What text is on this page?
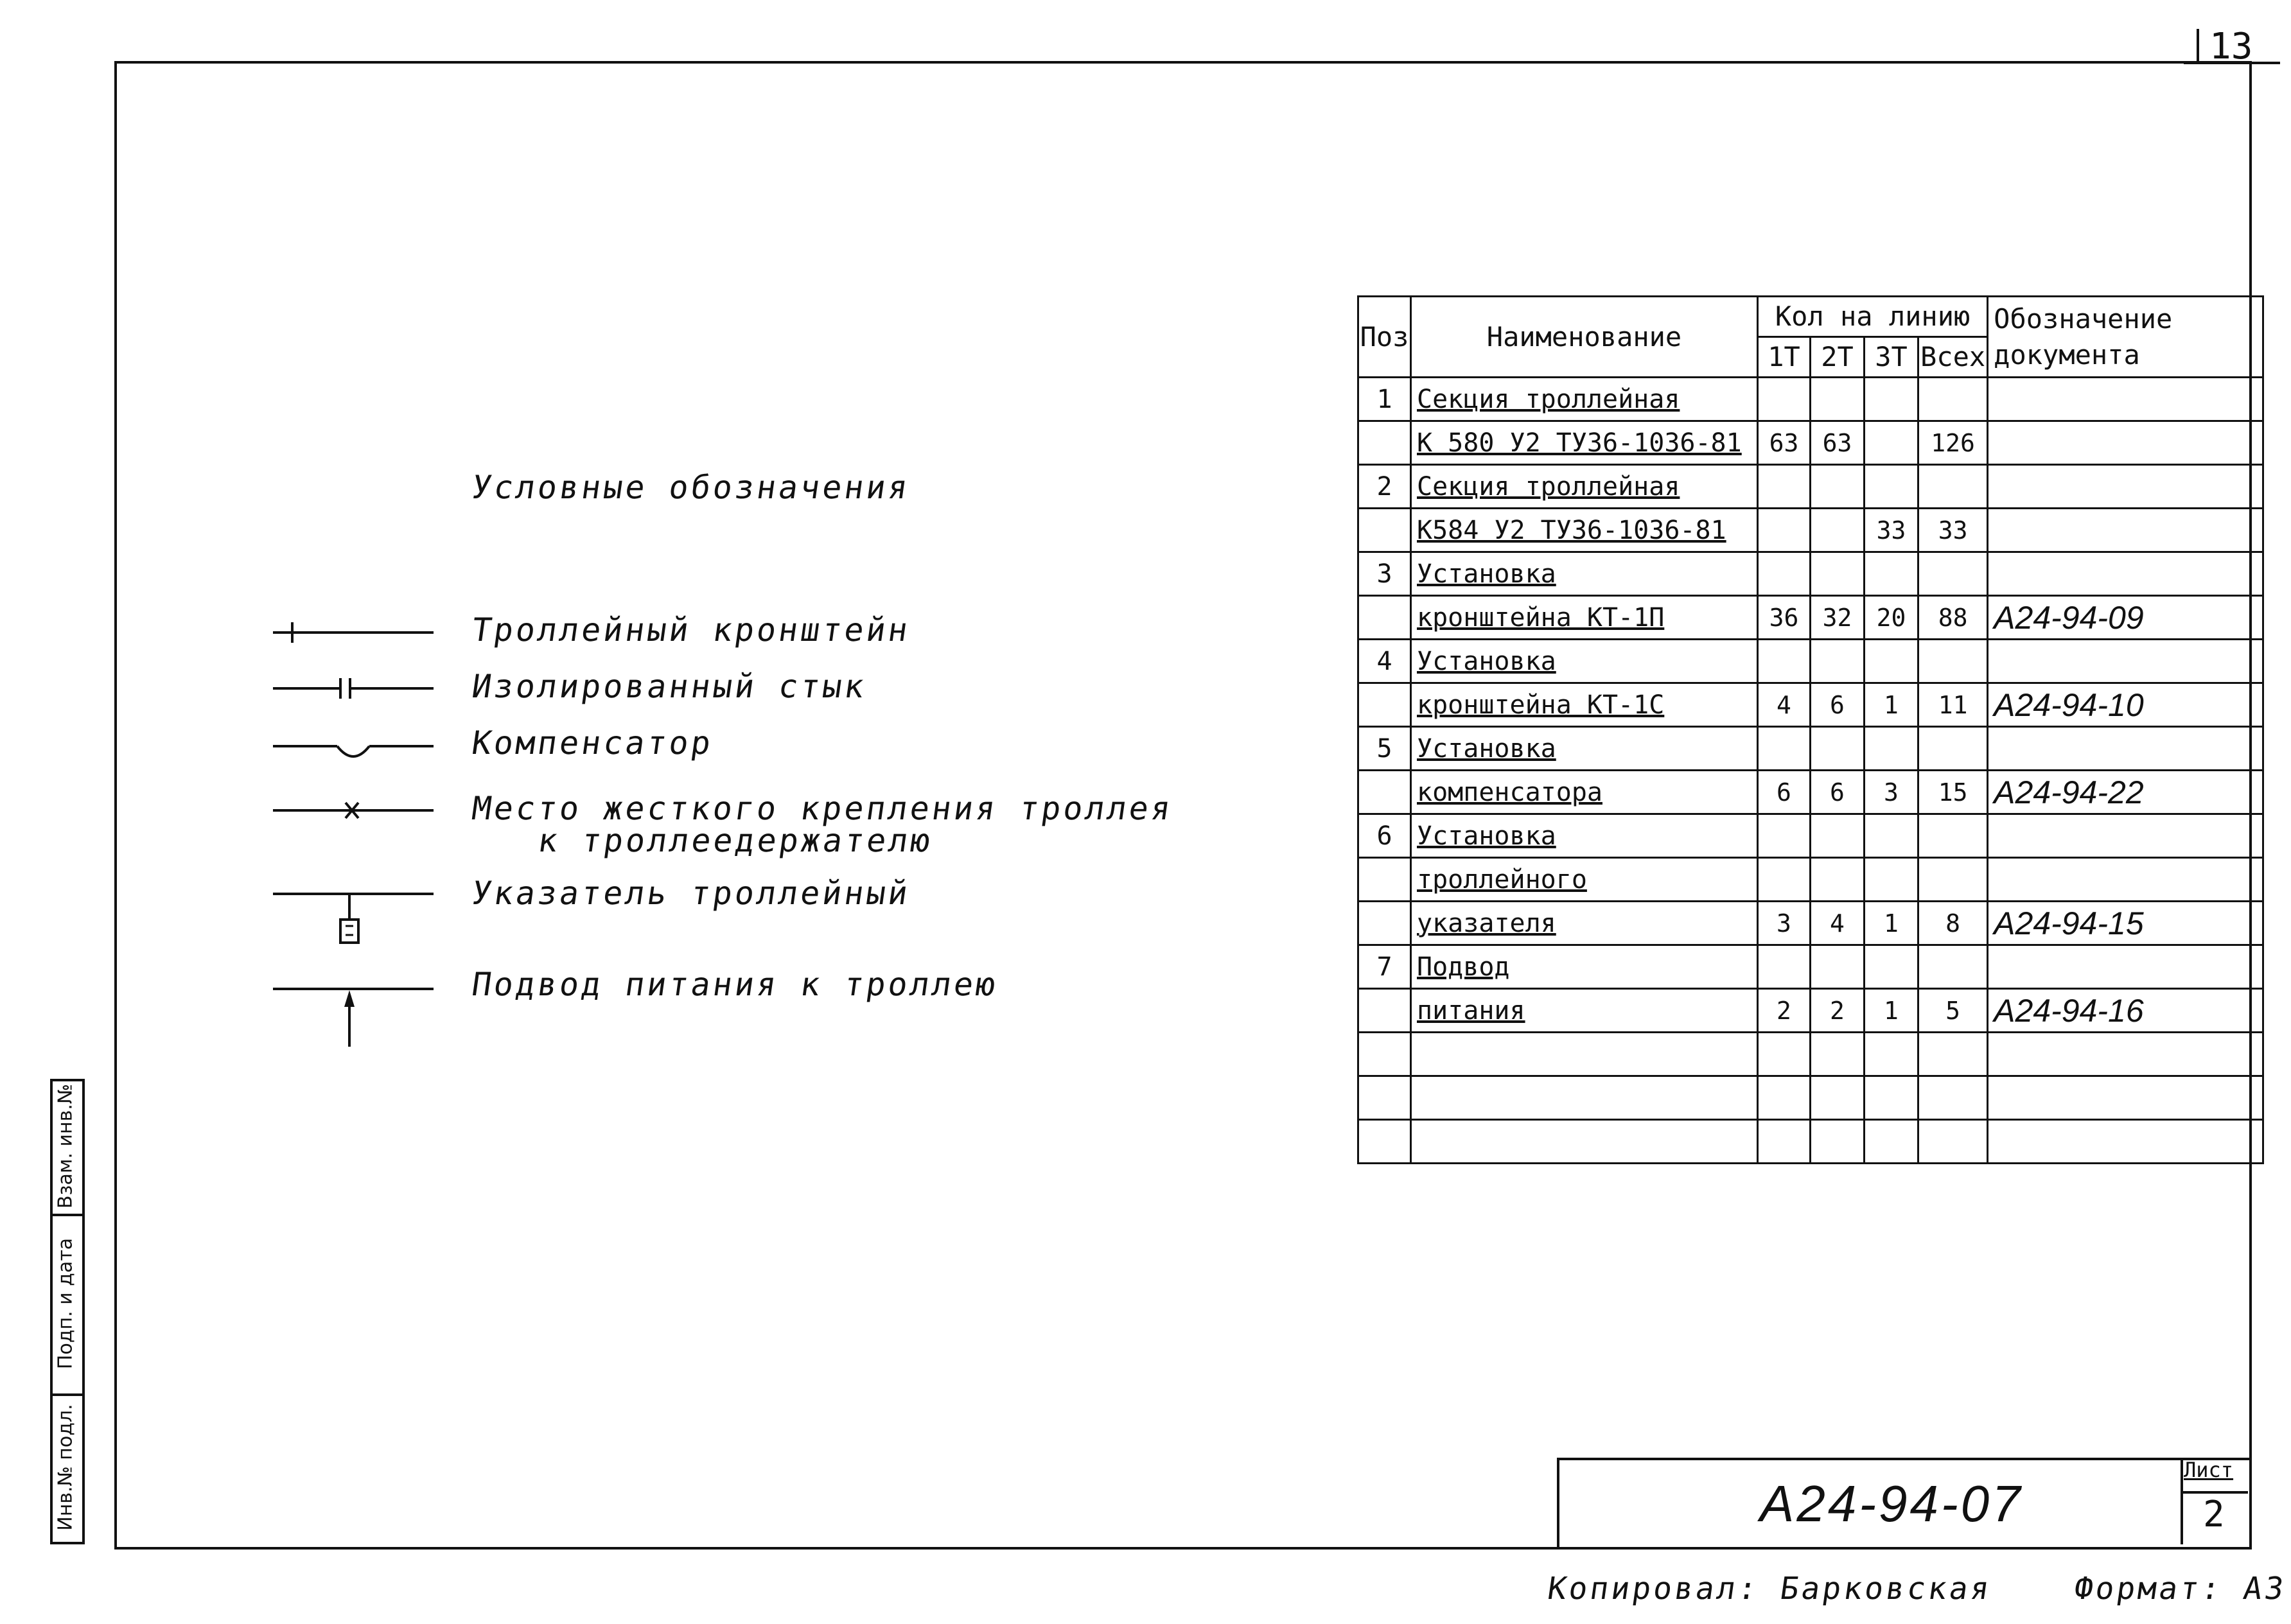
13
Взам. инв.№
Подп. и дата
Инв.№ подл.
Условные обозначения
Троллейный кронштейн
Изолированный стык
Компенсатор
Место жесткого крепления троллея
к троллеедержателю
Указатель троллейный
Подвод питания к троллею
Поз	Наименование	Кол на линию				Обозначение документа
		1Т	2Т	3Т	Всех	
1	Секция троллейная					
	К 580 У2 ТУ36-1036-81	63	63		126	
2	Секция троллейная					
	К584 У2 ТУ36-1036-81			33	33	
3	Установка					
	кронштейна КТ-1П	36	32	20	88	А24-94-09
4	Установка					
	кронштейна КТ-1С	4	6	1	11	А24-94-10
5	Установка					
	компенсатора	6	6	3	15	А24-94-22
6	Установка					
	троллейного					
	указателя	3	4	1	8	А24-94-15
7	Подвод					
	питания	2	2	1	5	А24-94-16

А24-94-07
Лист
2
Копировал: Барковская	Формат: А3
